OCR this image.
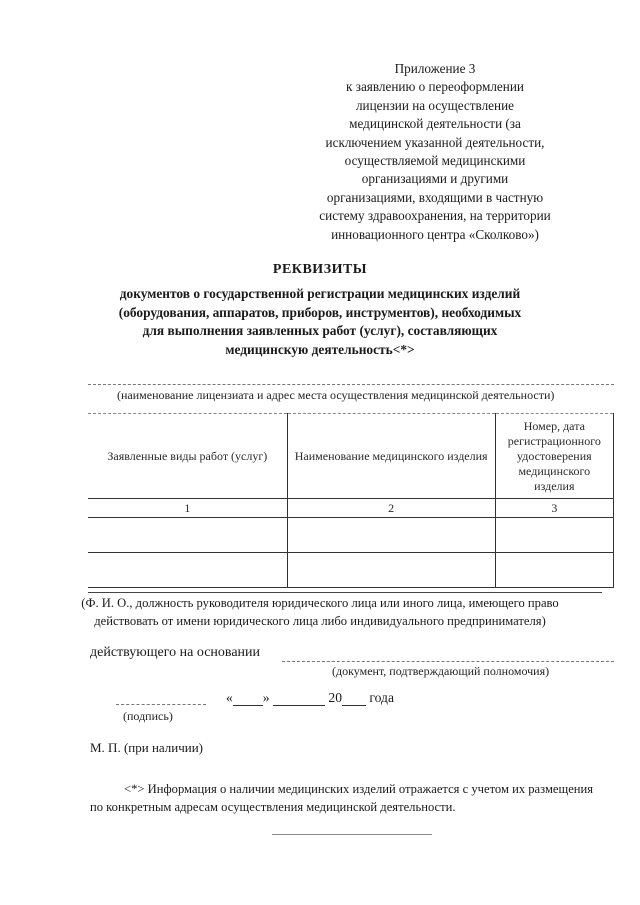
Приложение 3
к заявлению о переоформлении
лицензии на осуществление
медицинской деятельности (за
исключением указанной деятельности,
осуществляемой медицинскими
организациями и другими
организациями, входящими в частную
систему здравоохранения, на территории
инновационного центра «Сколково»)
РЕКВИЗИТЫ
документов о государственной регистрации медицинских изделий
(оборудования, аппаратов, приборов, инструментов), необходимых
для выполнения заявленных работ (услуг), составляющих
медицинскую деятельность<*>
(наименование лицензиата и адрес места осуществления медицинской деятельности)
Заявленные виды работ (услуг)	Наименование медицинского изделия	Номер, дата регистрационного удостоверения медицинского изделия
1	2	3

(Ф. И. О., должность руководителя юридического лица или иного лица, имеющего право
действовать от имени юридического лица либо индивидуального предпринимателя)
действующего на основании
(документ, подтверждающий полномочия)
« »	20 года
(подпись)
М. П. (при наличии)
<*> Информация о наличии медицинских изделий отражается с учетом их размещения
по конкретным адресам осуществления медицинской деятельности.
